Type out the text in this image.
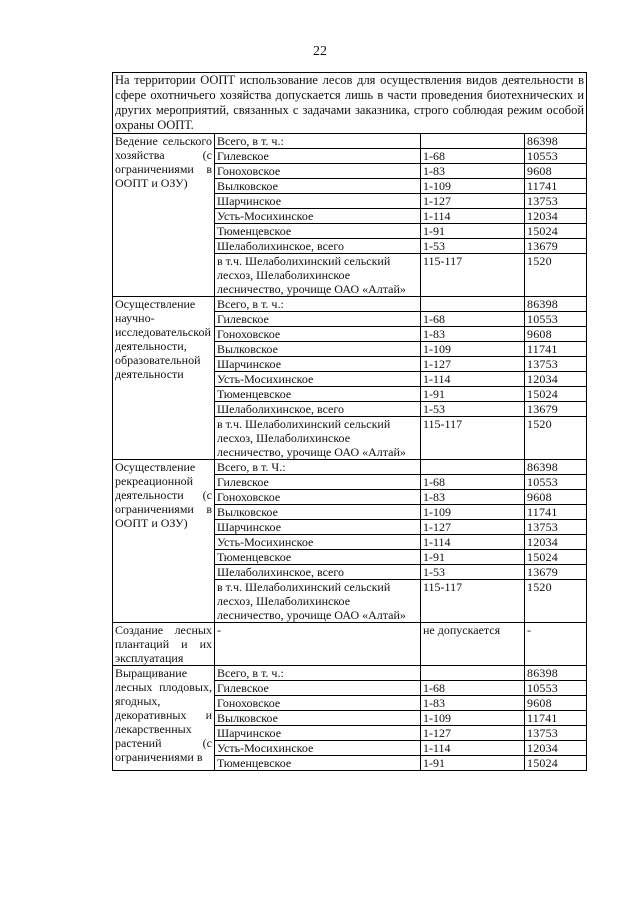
22
На территории ООПТ использование лесов для осуществления видов деятельности в сфере охотничьего хозяйства допускается лишь в части проведения биотехнических и других мероприятий, связанных с задачами заказника, строго соблюдая режим особой охраны ООПТ.			
Ведение сельского хозяйства (с ограничениями в ООПТ и ОЗУ)	Всего, в т. ч.:		86398
	Гилевское	1-68	10553
	Гоноховское	1-83	9608
	Вылковское	1-109	11741
	Шарчинское	1-127	13753
	Усть-Мосихинское	1-114	12034
	Тюменцевское	1-91	15024
	Шелаболихинское, всего	1-53	13679
	в т.ч. Шелаболихинский сельский лесхоз, Шелаболихинское лесничество, урочище ОАО «Алтай»	115-117	1520
Осуществление научно-исследовательской деятельности, образовательной деятельности	Всего, в т. ч.:		86398
	Гилевское	1-68	10553
	Гоноховское	1-83	9608
	Вылковское	1-109	11741
	Шарчинское	1-127	13753
	Усть-Мосихинское	1-114	12034
	Тюменцевское	1-91	15024
	Шелаболихинское, всего	1-53	13679
	в т.ч. Шелаболихинский сельский лесхоз, Шелаболихинское лесничество, урочище ОАО «Алтай»	115-117	1520
Осуществление рекреационной деятельности (с ограничениями в ООПТ и ОЗУ)	Всего, в т. Ч.:		86398
	Гилевское	1-68	10553
	Гоноховское	1-83	9608
	Вылковское	1-109	11741
	Шарчинское	1-127	13753
	Усть-Мосихинское	1-114	12034
	Тюменцевское	1-91	15024
	Шелаболихинское, всего	1-53	13679
	в т.ч. Шелаболихинский сельский лесхоз, Шелаболихинское лесничество, урочище ОАО «Алтай»	115-117	1520
Создание лесных плантаций и их эксплуатация	-	не допускается	-
Выращивание лесных плодовых, ягодных, декоративных и лекарственных растений (с ограничениями в	Всего, в т. ч.:		86398
	Гилевское	1-68	10553
	Гоноховское	1-83	9608
	Вылковское	1-109	11741
	Шарчинское	1-127	13753
	Усть-Мосихинское	1-114	12034
	Тюменцевское	1-91	15024
